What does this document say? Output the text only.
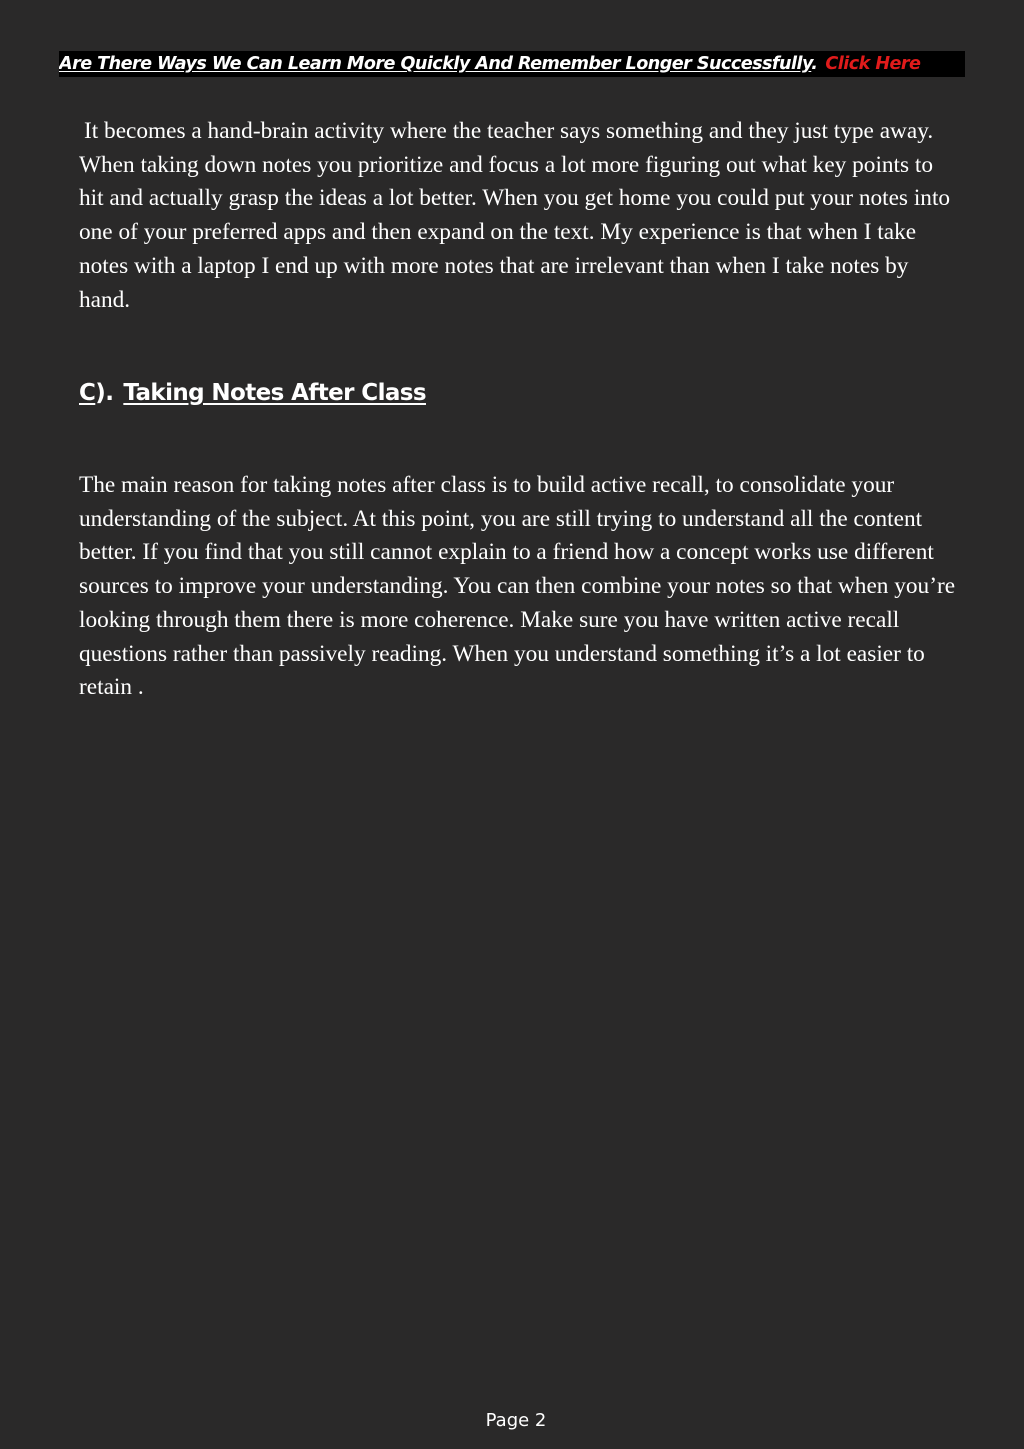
Are There Ways We Can Learn More Quickly And Remember Longer Successfully. Click Here

It becomes a hand-brain activity where the teacher says something and they just type away. When taking down notes you prioritize and focus a lot more figuring out what key points to hit and actually grasp the ideas a lot better. When you get home you could put your notes into one of your preferred apps and then expand on the text. My experience is that when I take notes with a laptop I end up with more notes that are irrelevant than when I take notes by hand.

C). Taking Notes After Class

The main reason for taking notes after class is to build active recall, to consolidate your understanding of the subject. At this point, you are still trying to understand all the content better. If you find that you still cannot explain to a friend how a concept works use different sources to improve your understanding. You can then combine your notes so that when you’re looking through them there is more coherence. Make sure you have written active recall questions rather than passively reading. When you understand something it’s a lot easier to retain .

Page 2
